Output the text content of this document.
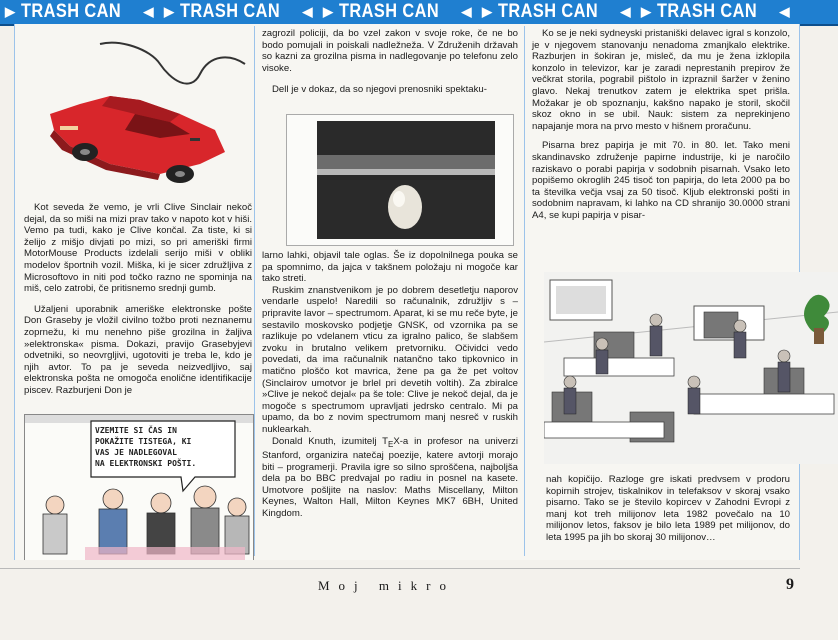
▶ TRASH CAN ◀ ▶ TRASH CAN ◀ ▶ TRASH CAN ◀ ▶ TRASH CAN ◀ ▶ TRASH CAN ◀

Kot seveda že vemo, je vrli Clive Sinclair nekoč dejal, da so miši na mizi prav tako v napoto kot v hiši. Vemo pa tudi, kako je Clive končal. Za tiste, ki si želijo z mišjo divjati po mizi, so pri ameriški firmi MotorMouse Products izdelali serijo miši v obliki modelov športnih vozil. Miška, ki je sicer združljiva z Microsoftovo in niti pod točko razno ne spominja na miš, celo zatrobi, če pritisnemo srednji gumb.

Užaljeni uporabnik ameriške elektronske pošte Don Graseby je vložil civilno tožbo proti neznanemu zoprnežu, ki mu nenehno piše grozilna in žaljiva »elektronska« pisma. Dokazi, pravijo Grasebyjevi odvetniki, so neovrgljivi, ugotoviti je treba le, kdo je njih avtor. To pa je seveda neizvedljivo, saj elektronska pošta ne omogoča enolične identifikacije piscev. Razburjeni Don je

VZEMITE SI ČAS IN
POKAŽITE TISTEGA, KI
VAS JE NADLEGOVAL
NA ELEKTRONSKI POŠTI.

zagrozil policiji, da bo vzel zakon v svoje roke, če ne bo bodo pomujali in poiskali nadležneža. V Združenih državah so kazni za grozilna pisma in nadlegovanje po telefonu zelo visoke.

Dell je v dokaz, da so njegovi prenosniki spektaku-

larno lahki, objavil tale oglas. Še iz dopolnilnega pouka se pa spomnimo, da jajca v takšnem položaju ni mogoče kar tako streti.

Ruskim znanstvenikom je po dobrem desetletju naporov vendarle uspelo! Naredili so računalnik, združljiv s – pripravite lavor – spectrumom. Aparat, ki se mu reče byte, je sestavilo moskovsko podjetje GNSK, od vzornika pa se razlikuje po vdelanem vticu za igralno palico, še slabšem zvoku in brutalno velikem pretvorniku. Očividci vedo povedati, da ima računalnik natančno tako tipkovnico in matično ploščo kot mavrica, žene pa ga že pet voltov (Sinclairov umotvor je brlel pri devetih voltih). Za zbiralce »Clive je nekoč dejal« pa še tole: Clive je nekoč dejal, da je mogoče s spectrumom upravljati jedrsko centralo. Mi pa upamo, da bo z novim spectrumom manj nesreč v ruskih nuklearkah.

Donald Knuth, izumitelj $T_EX-a$ in profesor na univerzi Stanford, organizira natečaj poezije, katere avtorji morajo biti – programerji. Pravila igre so silno sproščena, najboljša dela pa bo BBC predvajal po radiu in posnel na kasete. Umotvore pošljite na naslov: Maths Miscellany, Milton Keynes, Walton Hall, Milton Keynes MK7 6BH, United Kingdom.

Ko se je neki sydneyski pristaniški delavec igral s konzolo, je v njegovem stanovanju nenadoma zmanjkalo elektrike. Razburjen in šokiran je, misleč, da mu je žena izklopila konzolo in televizor, kar je zaradi neprestanih prepirov že večkrat storila, pograbil pištolo in izpraznil šaržer v ženino glavo. Nekaj trenutkov zatem je elektrika spet prišla. Možakar je ob spoznanju, kakšno napako je storil, skočil skoz okno in se ubil. Nauk: sistem za neprekinjeno napajanje mora na prvo mesto v hišnem proračunu.

Pisarna brez papirja je mit 70. in 80. let. Tako meni skandinavsko združenje papirne industrije, ki je naročilo raziskavo o porabi papirja v sodobnih pisarnah. Vsako leto popišemo okroglih 245 tisoč ton papirja, do leta 2000 pa bo ta številka večja vsaj za 50 tisoč. Kljub elektronski pošti in sodobnim napravam, ki lahko na CD shranijo 30.0000 strani A4, se kupi papirja v pisar-

nah kopičijo. Razloge gre iskati predvsem v prodoru kopirnih strojev, tiskalnikov in telefaksov v skoraj vsako pisarno. Tako se je število kopircev v Zahodni Evropi z manj kot treh milijonov leta 1982 povečalo na 10 milijonov letos, faksov je bilo leta 1989 pet milijonov, do leta 1995 pa jih bo skoraj 30 milijonov…

Moj mikro	9
